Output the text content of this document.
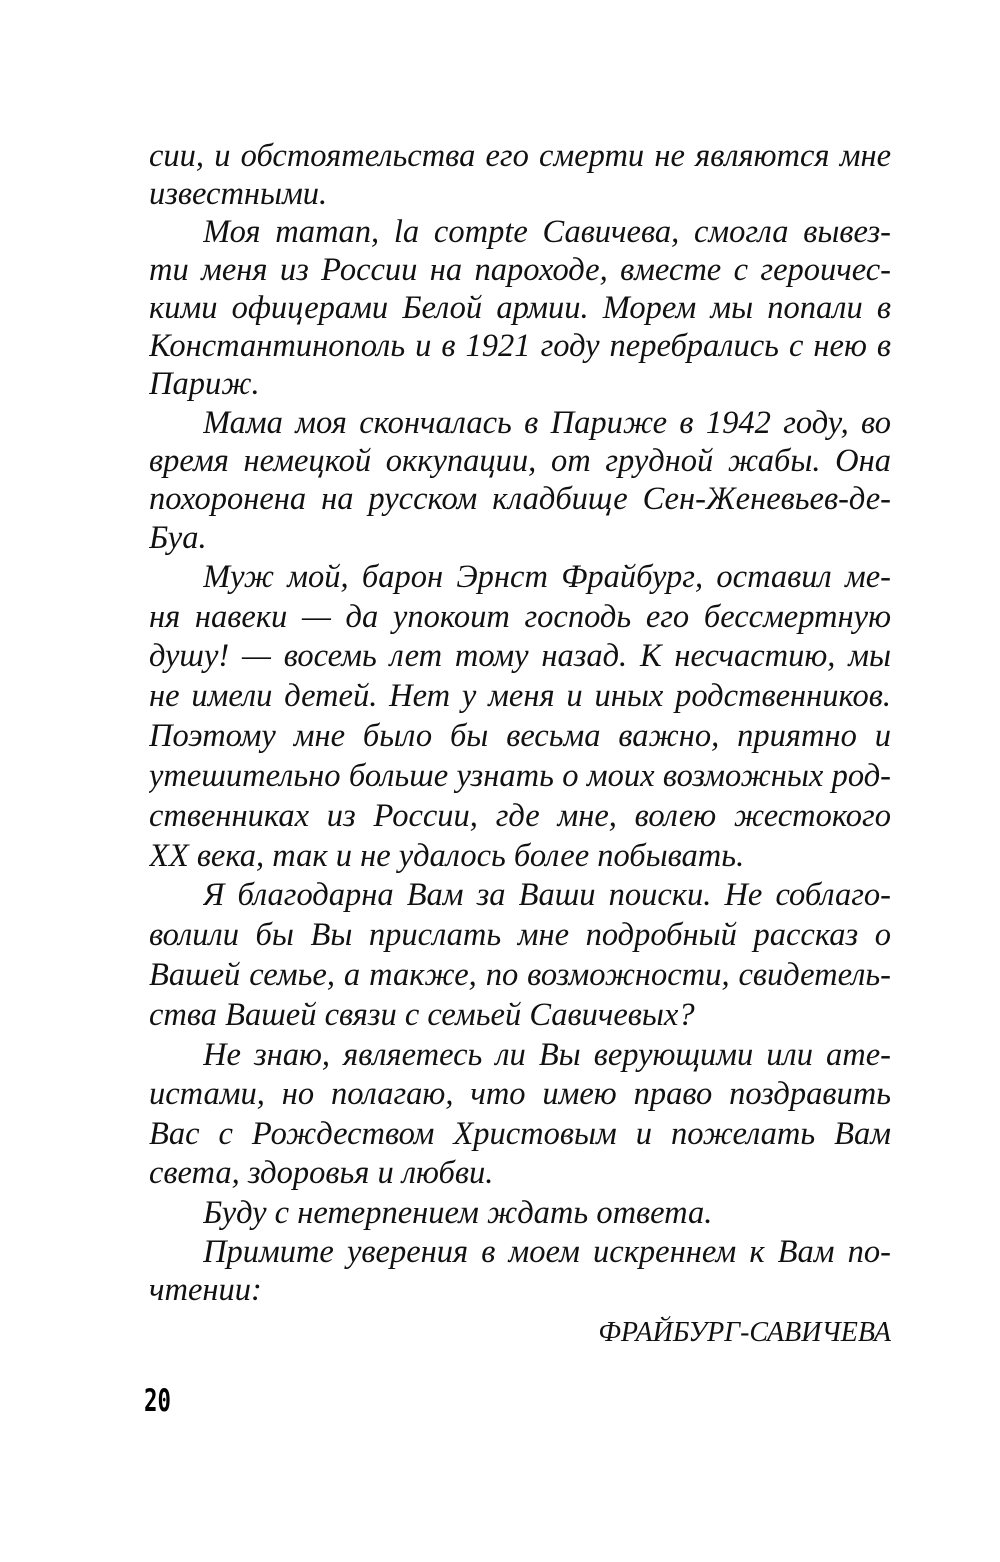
сии, и обстоятельства его смерти не являются мне
известными.
Моя maman, la compte Савичева, смогла вывез-
ти меня из России на пароходе, вместе с героичес-
кими офицерами Белой армии. Морем мы попали в
Константинополь и в 1921 году перебрались с нею в
Париж.
Мама моя скончалась в Париже в 1942 году, во
время немецкой оккупации, от грудной жабы. Она
похоронена на русском кладбище Сен-Женевьев-де-
Буа.
Муж мой, барон Эрнст Фрайбург, оставил ме-
ня навеки — да упокоит господь его бессмертную
душу! — восемь лет тому назад. К несчастию, мы
не имели детей. Нет у меня и иных родственников.
Поэтому мне было бы весьма важно, приятно и
утешительно больше узнать о моих возможных род-
ственниках из России, где мне, волею жестокого
XX века, так и не удалось более побывать.
Я благодарна Вам за Ваши поиски. Не соблаго-
волили бы Вы прислать мне подробный рассказ о
Вашей семье, а также, по возможности, свидетель-
ства Вашей связи с семьей Савичевых?
Не знаю, являетесь ли Вы верующими или ате-
истами, но полагаю, что имею право поздравить
Вас с Рождеством Христовым и пожелать Вам
света, здоровья и любви.
Буду с нетерпением ждать ответа.
Примите уверения в моем искреннем к Вам по-
чтении:
ФРАЙБУРГ-САВИЧЕВА
20
